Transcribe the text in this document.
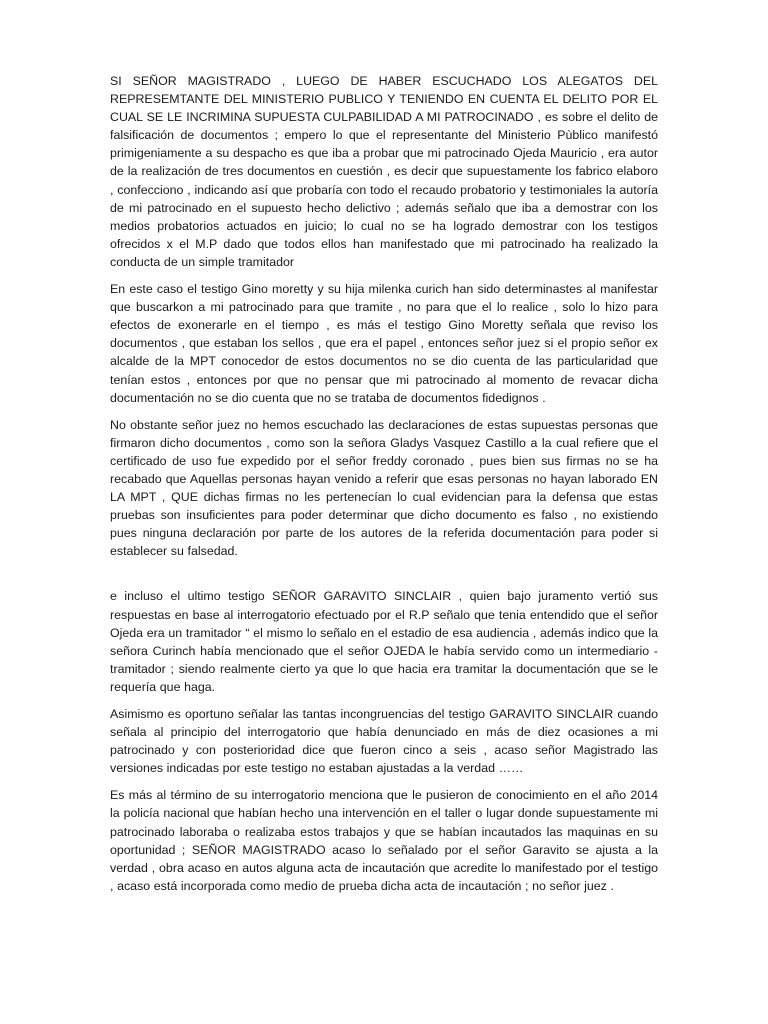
SI SEÑOR MAGISTRADO , LUEGO DE HABER ESCUCHADO LOS ALEGATOS DEL REPRESEMTANTE DEL MINISTERIO PUBLICO Y TENIENDO EN CUENTA EL DELITO POR EL CUAL SE LE INCRIMINA SUPUESTA CULPABILIDAD A MI PATROCINADO , es sobre el delito de falsificación de documentos ; empero lo que el representante del Ministerio Pùblico manifestó primigeniamente a su despacho es que iba a probar que mi patrocinado Ojeda Mauricio , era autor de la realización de tres documentos en cuestión , es decir que supuestamente los fabrico elaboro , confecciono , indicando así que probaría con todo el recaudo probatorio y testimoniales la autoría de mi patrocinado en el supuesto hecho delictivo ; además señalo que iba a demostrar con los medios probatorios actuados en juicio; lo cual no se ha logrado demostrar con los testigos ofrecidos x el M.P dado que todos ellos han manifestado que mi patrocinado ha realizado la conducta de un simple tramitador

En este caso el testigo Gino moretty y su hija milenka curich han sido determinastes al manifestar que buscarkon a mi patrocinado para que tramite , no para que el lo realice , solo lo hizo para efectos de exonerarle en el tiempo , es más el testigo Gino Moretty señala que reviso los documentos , que estaban los sellos , que era el papel , entonces señor juez si el propio señor ex alcalde de la MPT conocedor de estos documentos no se dio cuenta de las particularidad que tenían estos , entonces por que no pensar que mi patrocinado al momento de revacar dicha documentación no se dio cuenta que no se trataba de documentos fidedignos .

No obstante señor juez no hemos escuchado las declaraciones de estas supuestas personas que firmaron dicho documentos , como son la señora Gladys Vasquez Castillo a la cual refiere que el certificado de uso fue expedido por el señor freddy coronado , pues bien sus firmas no se ha recabado que Aquellas personas hayan venido a referir que esas personas no hayan laborado EN LA MPT , QUE dichas firmas no les pertenecían lo cual evidencian para la defensa que estas pruebas son insuficientes para poder determinar que dicho documento es falso , no existiendo pues ninguna declaración por parte de los autores de la referida documentación para poder si establecer su falsedad.

e incluso el ultimo testigo SEÑOR GARAVITO SINCLAIR , quien bajo juramento vertió sus respuestas en base al interrogatorio efectuado por el R.P señalo que tenia entendido que el señor Ojeda era un tramitador “ el mismo lo señalo en el estadio de esa audiencia , además indico que la señora Curinch había mencionado que el señor OJEDA le había servido como un intermediario - tramitador ; siendo realmente cierto ya que lo que hacia era tramitar la documentación que se le requería que haga.

Asimismo es oportuno señalar las tantas incongruencias del testigo GARAVITO SINCLAIR cuando señala al principio del interrogatorio que había denunciado en más de diez ocasiones a mi patrocinado y con posterioridad dice que fueron cinco a seis , acaso señor Magistrado las versiones indicadas por este testigo no estaban ajustadas a la verdad ……

Es más al término de su interrogatorio menciona que le pusieron de conocimiento en el año 2014 la policía nacional que habían hecho una intervención en el taller o lugar donde supuestamente mi patrocinado laboraba o realizaba estos trabajos y que se habían incautados las maquinas en su oportunidad ; SEÑOR MAGISTRADO acaso lo señalado por el señor Garavito se ajusta a la verdad , obra acaso en autos alguna acta de incautación que acredite lo manifestado por el testigo , acaso está incorporada como medio de prueba dicha acta de incautación ; no señor juez .
